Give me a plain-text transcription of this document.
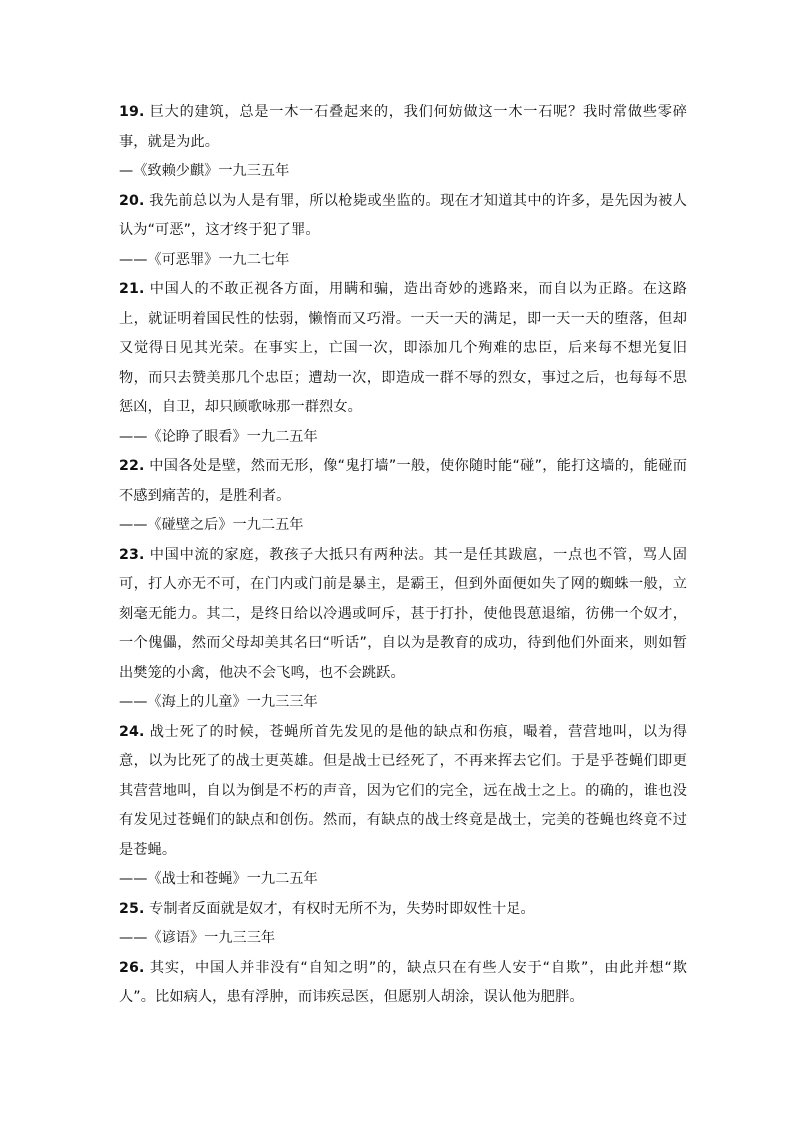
19. 巨大的建筑，总是一木一石叠起来的，我们何妨做这一木一石呢？我时常做些零碎事，就是为此。

—《致赖少麒》一九三五年

20. 我先前总以为人是有罪，所以枪毙或坐监的。现在才知道其中的许多，是先因为被人认为“可恶”，这才终于犯了罪。

——《可恶罪》一九二七年

21. 中国人的不敢正视各方面，用瞒和骗，造出奇妙的逃路来，而自以为正路。在这路上，就证明着国民性的怯弱，懒惰而又巧滑。一天一天的满足，即一天一天的堕落，但却又觉得日见其光荣。在事实上，亡国一次，即添加几个殉难的忠臣，后来每不想光复旧物，而只去赞美那几个忠臣；遭劫一次，即造成一群不辱的烈女，事过之后，也每每不思惩凶，自卫，却只顾歌咏那一群烈女。

——《论睁了眼看》一九二五年

22. 中国各处是壁，然而无形，像“鬼打墙”一般，使你随时能“碰”，能打这墙的，能碰而不感到痛苦的，是胜利者。

——《碰壁之后》一九二五年

23. 中国中流的家庭，教孩子大抵只有两种法。其一是任其跋扈，一点也不管，骂人固可，打人亦无不可，在门内或门前是暴主，是霸王，但到外面便如失了网的蜘蛛一般，立刻毫无能力。其二，是终日给以冷遇或呵斥，甚于打扑，使他畏葸退缩，彷佛一个奴才，一个傀儡，然而父母却美其名曰“听话”，自以为是教育的成功，待到他们外面来，则如暂出樊笼的小禽，他决不会飞鸣，也不会跳跃。

——《海上的儿童》一九三三年

24. 战士死了的时候，苍蝇所首先发见的是他的缺点和伤痕，嘬着，营营地叫，以为得意，以为比死了的战士更英雄。但是战士已经死了，不再来挥去它们。于是乎苍蝇们即更其营营地叫，自以为倒是不朽的声音，因为它们的完全，远在战士之上。的确的，谁也没有发见过苍蝇们的缺点和创伤。然而，有缺点的战士终竟是战士，完美的苍蝇也终竟不过是苍蝇。

——《战士和苍蝇》一九二五年

25. 专制者反面就是奴才，有权时无所不为，失势时即奴性十足。

——《谚语》一九三三年

26. 其实，中国人并非没有“自知之明”的，缺点只在有些人安于“自欺”，由此并想“欺人”。比如病人，患有浮肿，而讳疾忌医，但愿别人胡涂，误认他为肥胖。
